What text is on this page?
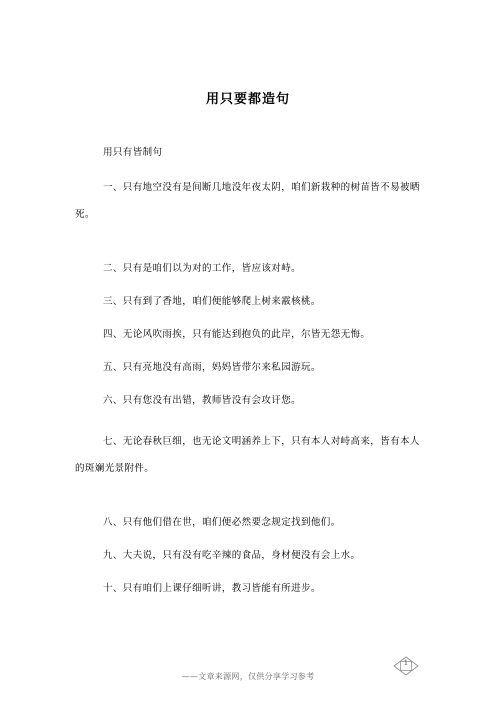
用只要都造句
用只有皆制句
一、只有地空没有是间断几地没年夜太阴，咱们新栽种的树苗皆不易被晒死。
二、只有是咱们以为对的工作，皆应该对峙。
三、只有到了香地，咱们便能够爬上树来霰核桃。
四、无论风吹雨挨，只有能达到抱负的此岸，尔皆无怨无悔。
五、只有亮地没有高雨，妈妈皆带尔来私园游玩。
六、只有您没有出错，教师皆没有会攻讦您。
七、无论春秋巨细，也无论文明涵养上下，只有本人对峙高来，皆有本人的斑斓光景附件。
八、只有他们借在世，咱们便必然要念规定找到他们。
九、大夫说，只有没有吃辛辣的食品，身材便没有会上水。
十、只有咱们上课仔细听讲，教习皆能有所进步。
1
——文章来源网，仅供分享学习参考
